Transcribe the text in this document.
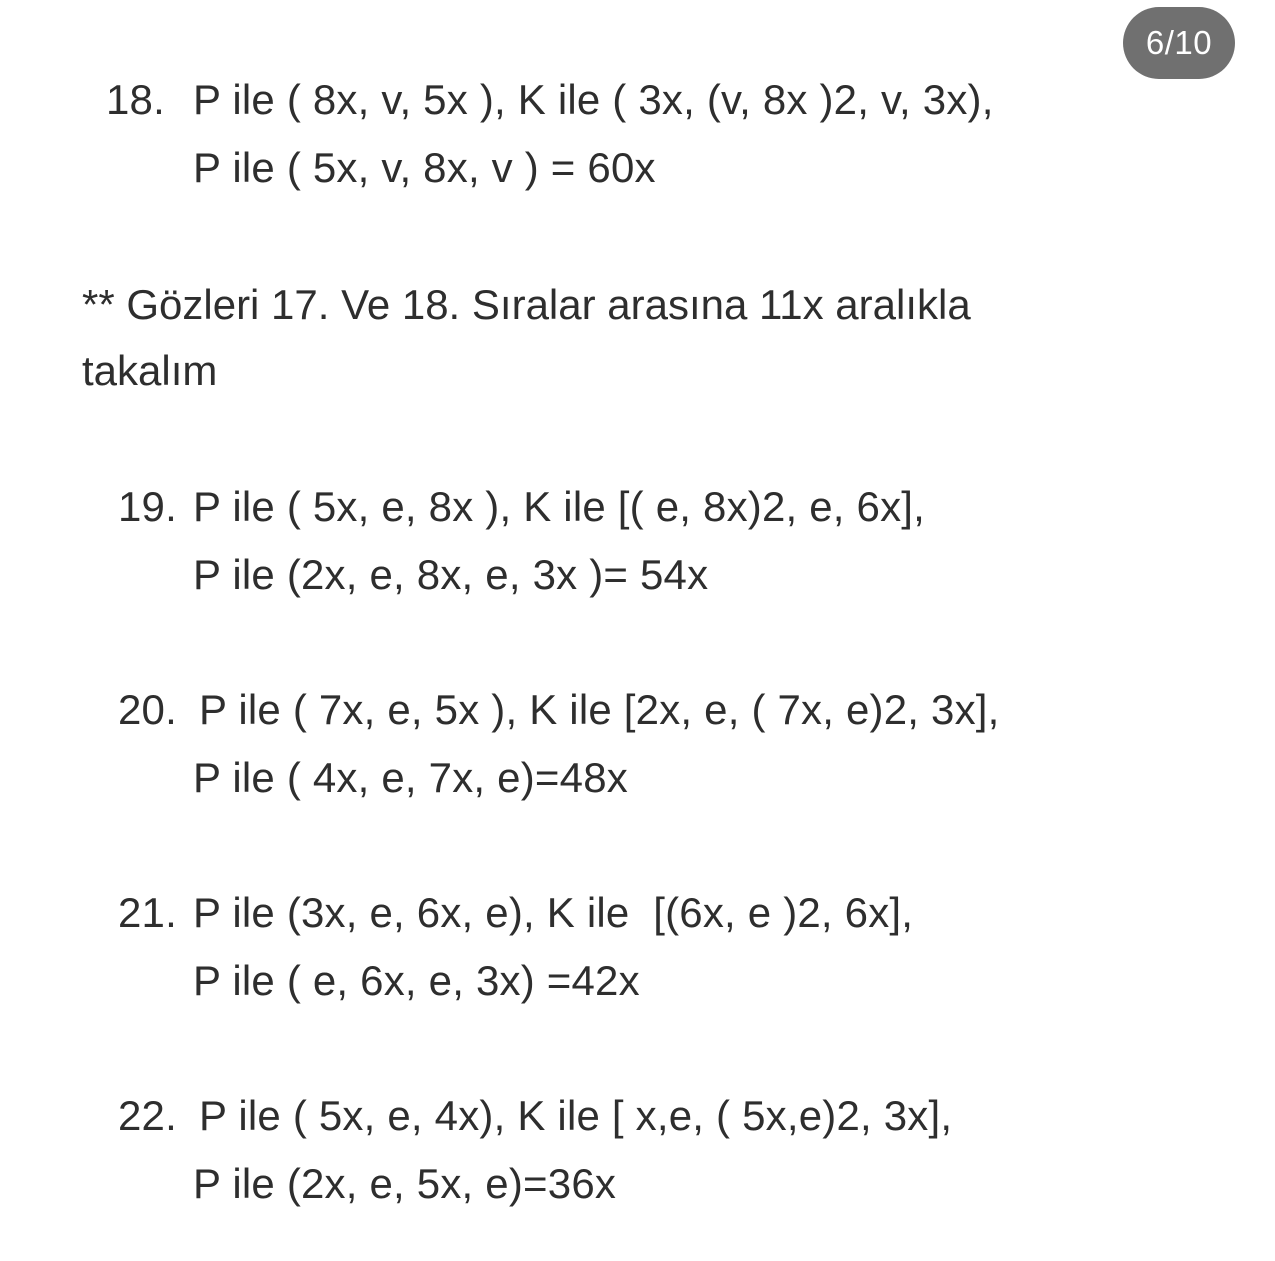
6/10
18. P ile ( 8x, v, 5x ), K ile ( 3x, (v, 8x )2, v, 3x),
P ile ( 5x, v, 8x, v ) = 60x
** Gözleri 17. Ve 18. Sıralar arasına 11x aralıkla
takalım
19. P ile ( 5x, e, 8x ), K ile [( e, 8x)2, e, 6x],
P ile (2x, e, 8x, e, 3x )= 54x
20. P ile ( 7x, e, 5x ), K ile [2x, e, ( 7x, e)2, 3x],
P ile ( 4x, e, 7x, e)=48x
21. P ile (3x, e, 6x, e), K ile  [(6x, e )2, 6x],
P ile ( e, 6x, e, 3x) =42x
22. P ile ( 5x, e, 4x), K ile [ x,e, ( 5x,e)2, 3x],
P ile (2x, e, 5x, e)=36x
